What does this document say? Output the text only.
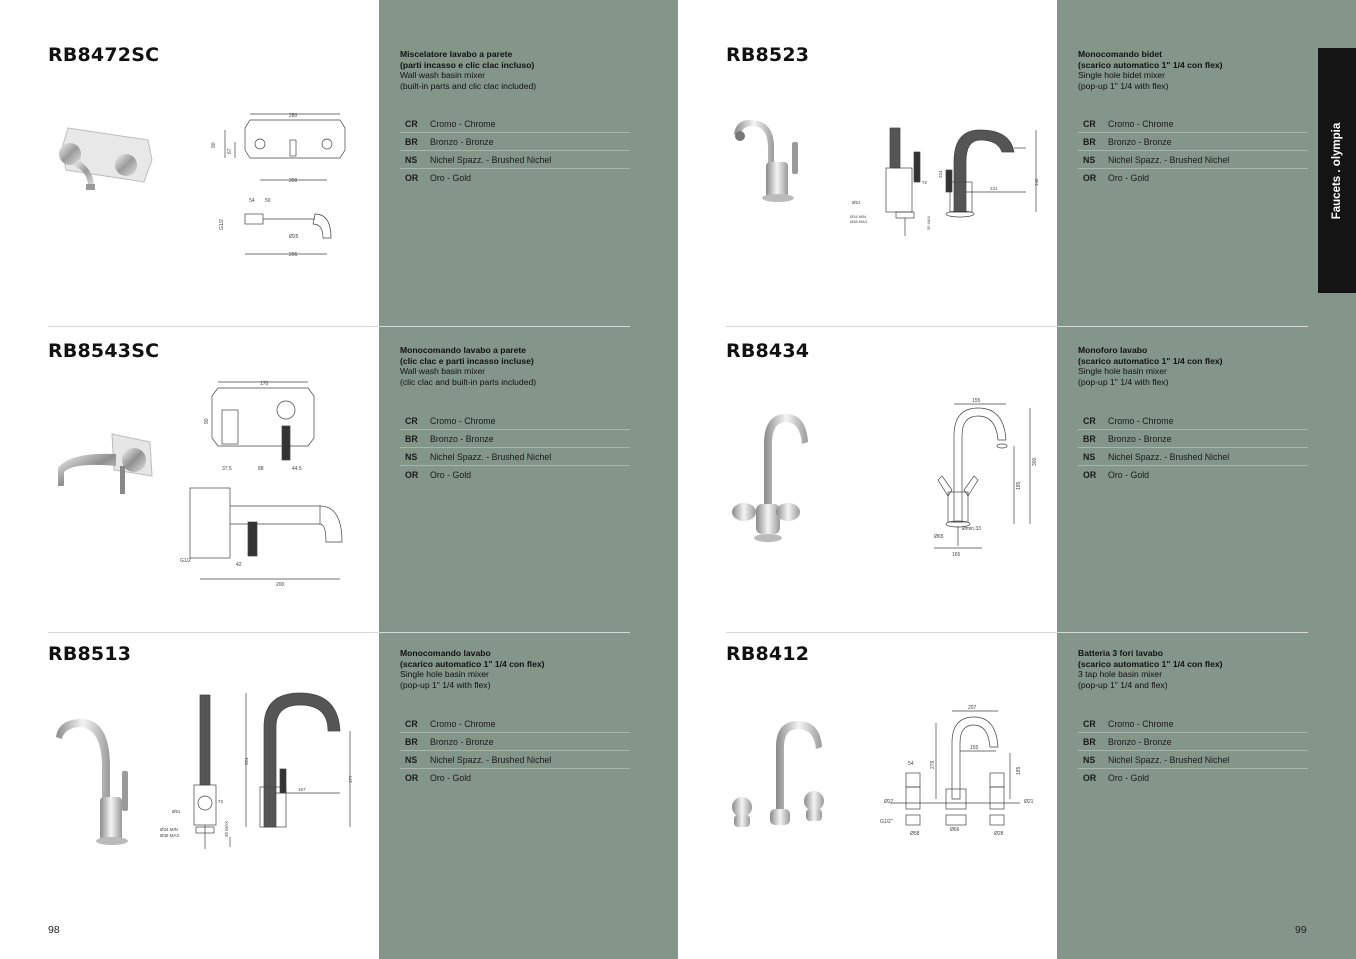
RB8472SC
280
90
67
200
54 50
Ø25
206
G1/2
Miscelatore lavabo a parete
(parti incasso e clic clac incluso)
Wall wash basin mixer
(built-in parts and clic clac included)
CR	Cromo - Chrome
BR	Bronzo - Bronze
NS	Nichel Spazz. - Brushed Nichel
OR	Oro - Gold
RB8543SC
170
90
37.5	88	44.5
200
G1/2
42
Monocomando lavabo a parete
(clic clac e parti incasso incluse)
Wall wash basin mixer
(clic clac and built-in parts included)
CR	Cromo - Chrome
BR	Bronzo - Bronze
NS	Nichel Spazz. - Brushed Nichel
OR	Oro - Gold
RB8513
Ø51
Ø34 MIN
Ø38 MAX	35 MAX
72
324
157
177
Monocomando lavabo
(scarico automatico 1" 1/4 con flex)
Single hole basin mixer
(pop-up 1" 1/4 with flex)
CR	Cromo - Chrome
BR	Bronzo - Bronze
NS	Nichel Spazz. - Brushed Nichel
OR	Oro - Gold
98
RB8523
Ø51
Ø34 MIN
Ø38 MAX	35 MAX
72
224
131
146
Monocomando bidet
(scarico automatico 1" 1/4 con flex)
Single hole bidet mixer
(pop-up 1" 1/4 with flex)
CR	Cromo - Chrome
BR	Bronzo - Bronze
NS	Nichel Spazz. - Brushed Nichel
OR	Oro - Gold
RB8434
155
300
195
Ømin.33
Ø65
165
Monoforo lavabo
(scarico automatico 1" 1/4 con flex)
Single hole basin mixer
(pop-up 1" 1/4 with flex)
CR	Cromo - Chrome
BR	Bronzo - Bronze
NS	Nichel Spazz. - Brushed Nichel
OR	Oro - Gold
RB8412
207
155
279
54
Ø27
G1/2"
Ø58
Ø66
Ø21
Ø28
185
Batteria 3 fori lavabo
(scarico automatico 1" 1/4 con flex)
3 tap hole basin mixer
(pop-up 1" 1/4 and flex)
CR	Cromo - Chrome
BR	Bronzo - Bronze
NS	Nichel Spazz. - Brushed Nichel
OR	Oro - Gold
99
Faucets . olympia
